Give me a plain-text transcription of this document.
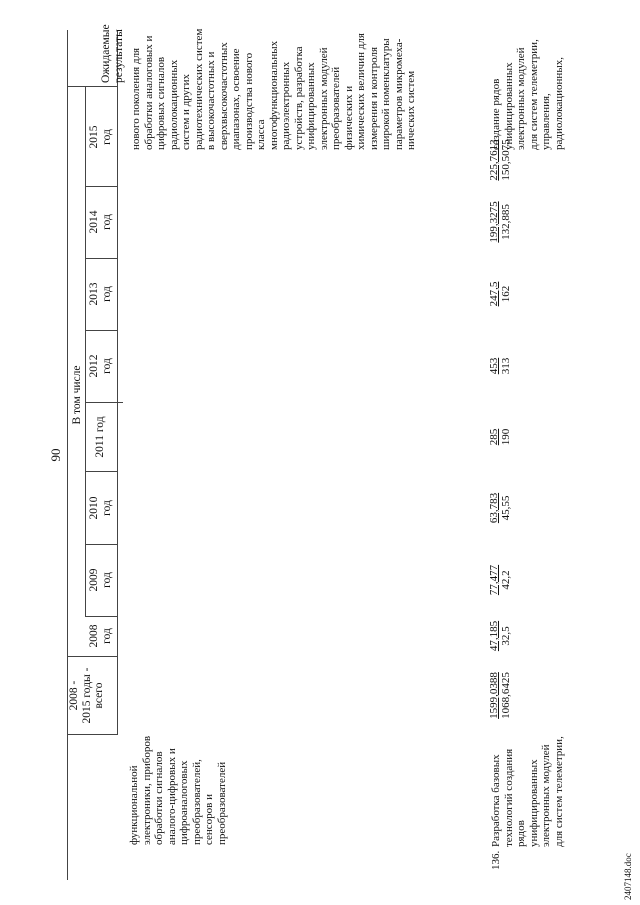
90
2008 -
2015 годы -
всего
2008
год
2009
год
2010
год
В том числе
2011 год
2012
год
2013
год
2014
год
2015
год
Ожидаемые результаты
функциональной
электроники, приборов
обработки сигналов
аналого-цифровых и
цифроаналоговых
преобразователей,
сенсоров и
преобразователей
нового поколения для
обработки аналоговых и
цифровых сигналов
радиолокационных
систем и других
радиотехнических систем
в высокочастотных и
сверхвысокочастотных
диапазонах, освоение
производства нового
класса
многофункциональных
радиоэлектронных
устройств, разработка
унифицированных
электронных модулей
преобразователей
физических и
химических величин для
измерения и контроля
широкой номенклатуры
параметров микромеха-
нических систем
136.
Разработка базовых
технологий создания
рядов
унифицированных
электронных модулей
для систем телеметрии,
1599,0388 1068,6425
47,185 32,5
77,477 42,2
63,783 45,55
285 190
453 313
247,5 162
199,3275 132,885
225,7613 150,5075
создание рядов
унифицированных
электронных модулей
для систем телеметрии,
управления,
радиолокационных,
2407148.doc
